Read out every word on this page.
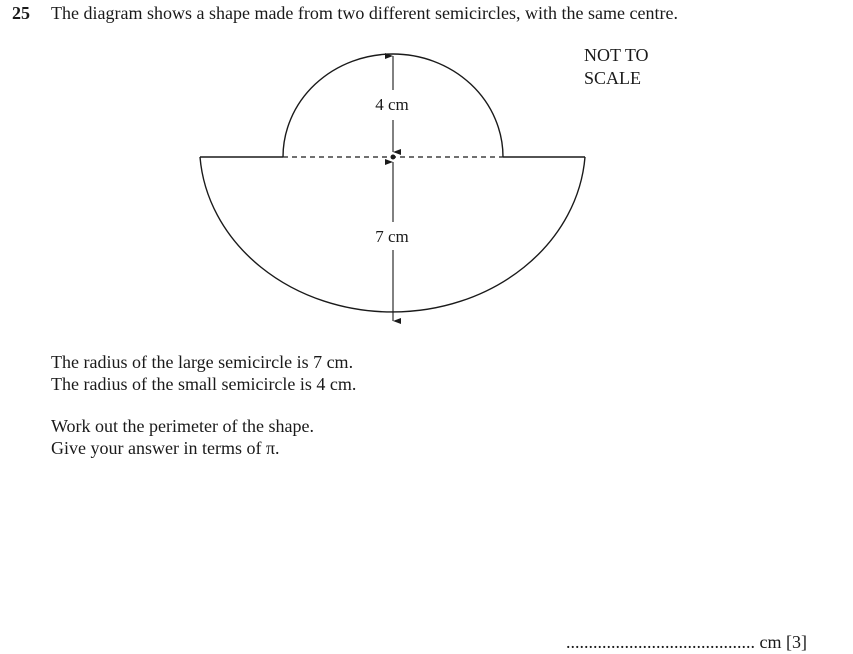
25 The diagram shows a shape made from two different semicircles, with the same centre.
NOT TO
SCALE
4 cm
7 cm
The radius of the large semicircle is 7 cm.
The radius of the small semicircle is 4 cm.
Work out the perimeter of the shape.
Give your answer in terms of π.
.......................................... cm [3]
